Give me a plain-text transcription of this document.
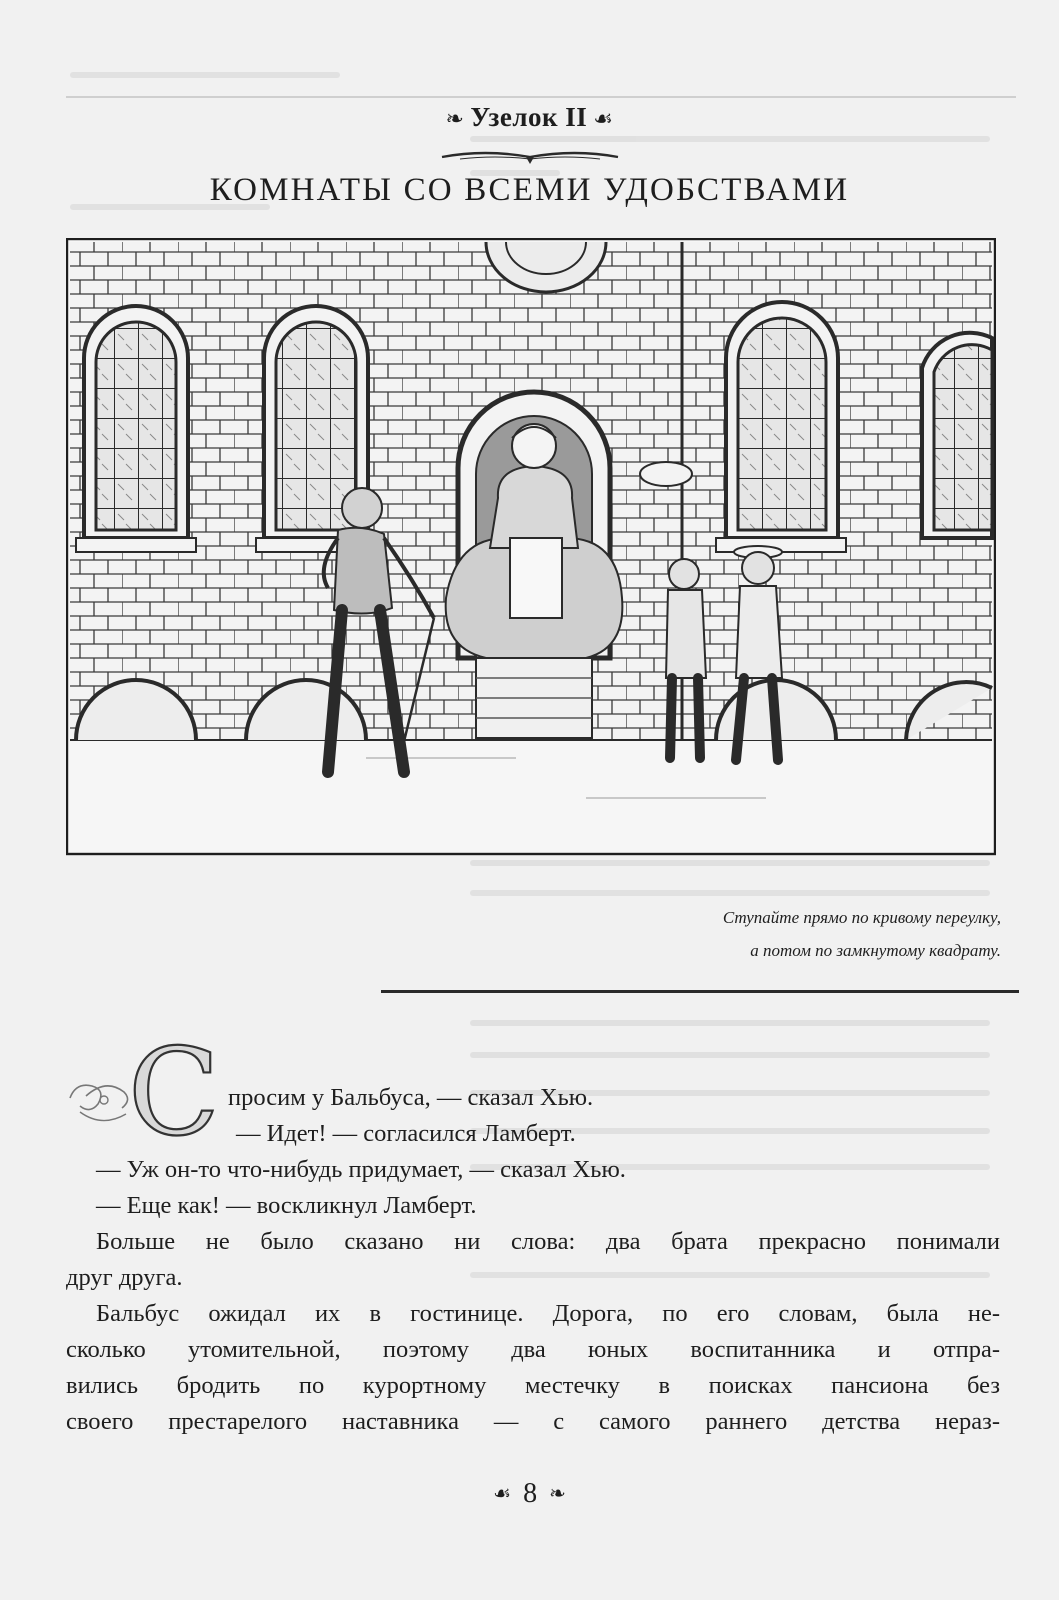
❧ Узелок II ☙
КОМНАТЫ СО ВСЕМИ УДОБСТВАМИ
Ступайте прямо по кривому переулку,
а потом по замкнутому квадрату.
С просим у Бальбуса, — сказал Хью.
— Идет! — согласился Ламберт.
— Уж он-то что-нибудь придумает, — сказал Хью.
— Еще как! — воскликнул Ламберт.
Больше не было сказано ни слова: два брата прекрасно понимали
друг друга.
Бальбус ожидал их в гостинице. Дорога, по его словам, была не-
сколько утомительной, поэтому два юных воспитанника и отпра-
вились бродить по курортному местечку в поисках пансиона без
своего престарелого наставника — с самого раннего детства нераз-
☙ 8 ❧
